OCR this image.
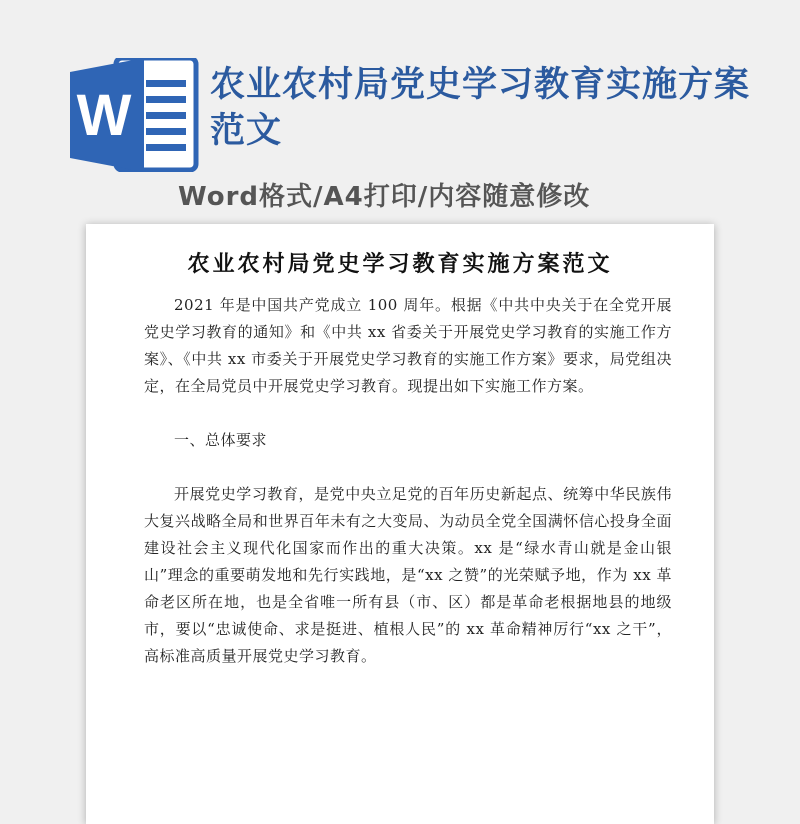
W 农业农村局党史学习教育实施方案范文
Word格式/A4打印/内容随意修改
农业农村局党史学习教育实施方案范文

2021 年是中国共产党成立 100 周年。根据《中共中央关于在全党开展党史学习教育的通知》和《中共 xx 省委关于开展党史学习教育的实施工作方案》、《中共 xx 市委关于开展党史学习教育的实施工作方案》要求，局党组决定，在全局党员中开展党史学习教育。现提出如下实施工作方案。

一、总体要求

开展党史学习教育，是党中央立足党的百年历史新起点、统筹中华民族伟大复兴战略全局和世界百年未有之大变局、为动员全党全国满怀信心投身全面建设社会主义现代化国家而作出的重大决策。xx 是“绿水青山就是金山银山”理念的重要萌发地和先行实践地，是“xx 之赞”的光荣赋予地，作为 xx 革命老区所在地，也是全省唯一所有县（市、区）都是革命老根据地县的地级市，要以“忠诚使命、求是挺进、植根人民”的 xx 革命精神厉行“xx 之干”，高标准高质量开展党史学习教育。
